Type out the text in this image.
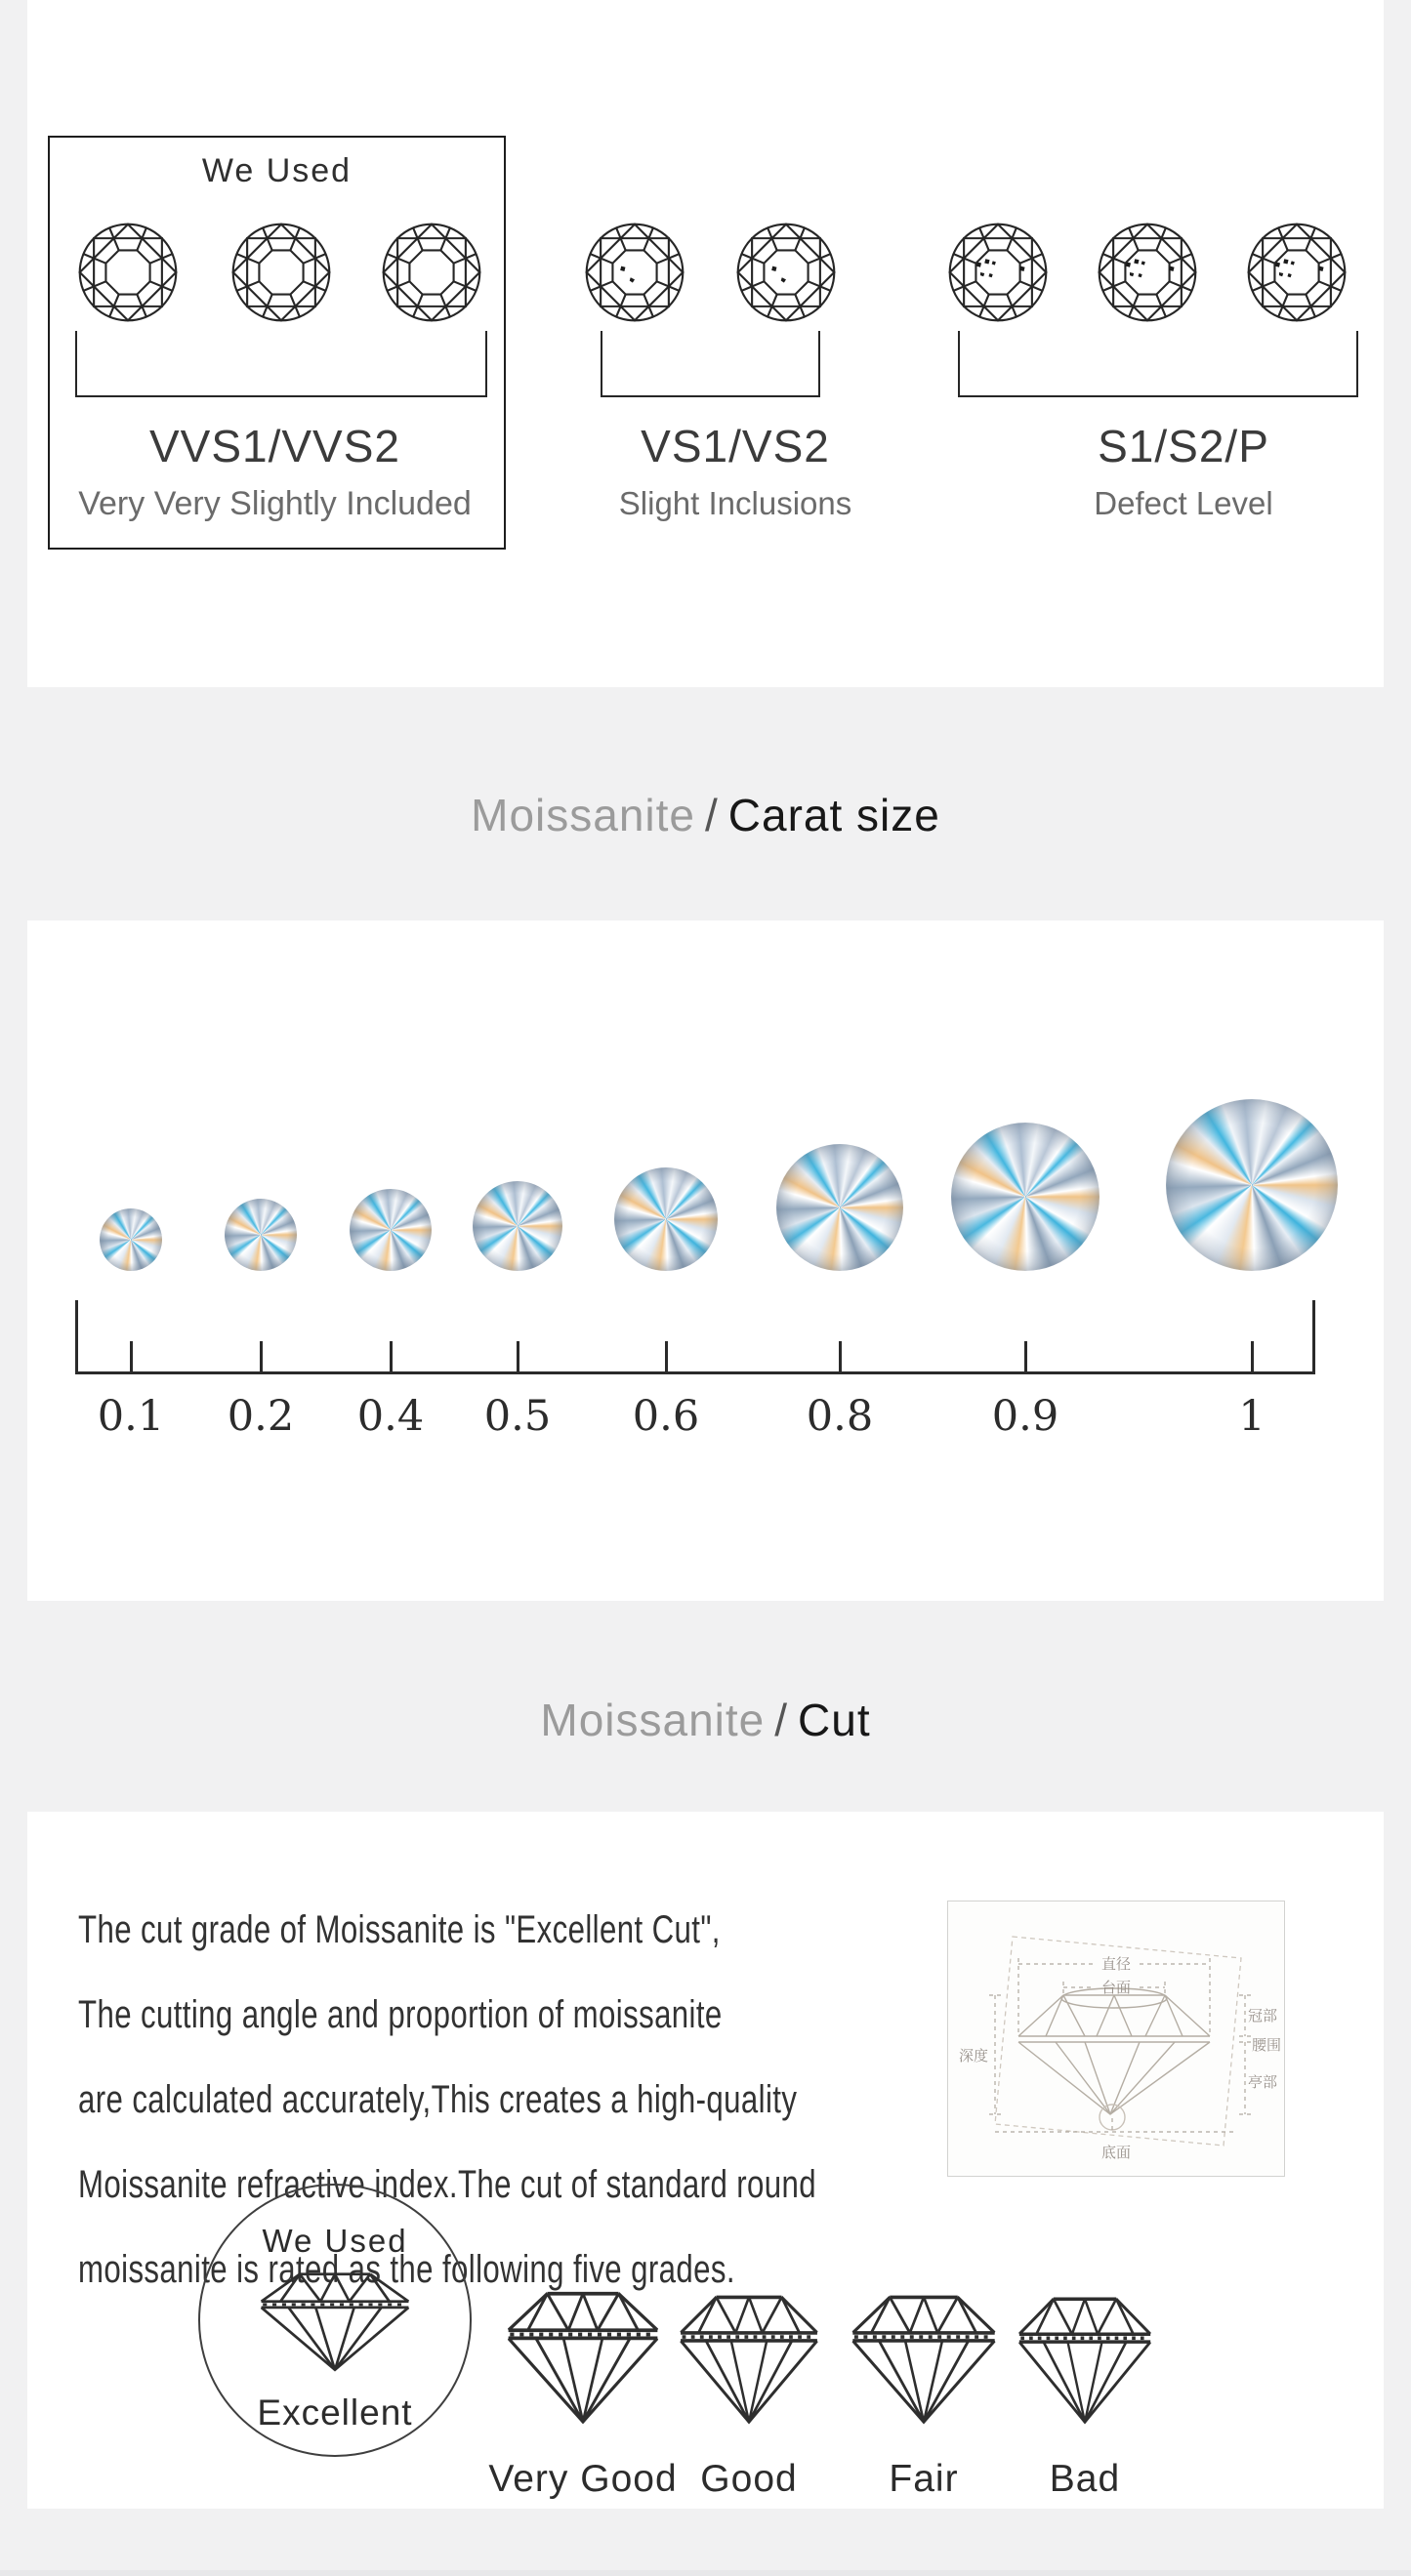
We Used
VVS1/VVS2
Very Very Slightly Included
VS1/VS2
Slight Inclusions
S1/S2/P
Defect Level
Moissanite / Carat size
0.1	0.2	0.4	0.5	0.6	0.8	0.9	1
Moissanite / Cut
The cut grade of Moissanite is "Excellent Cut",
The cutting angle and proportion of moissanite
are calculated accurately,This creates a high-quality
Moissanite refractive index.The cut of standard round
moissanite is rated as the following five grades.
直径
台面
深度
冠部
腰围
亭部
底面
We Used
Excellent
Very Good Good	Fair	Bad
